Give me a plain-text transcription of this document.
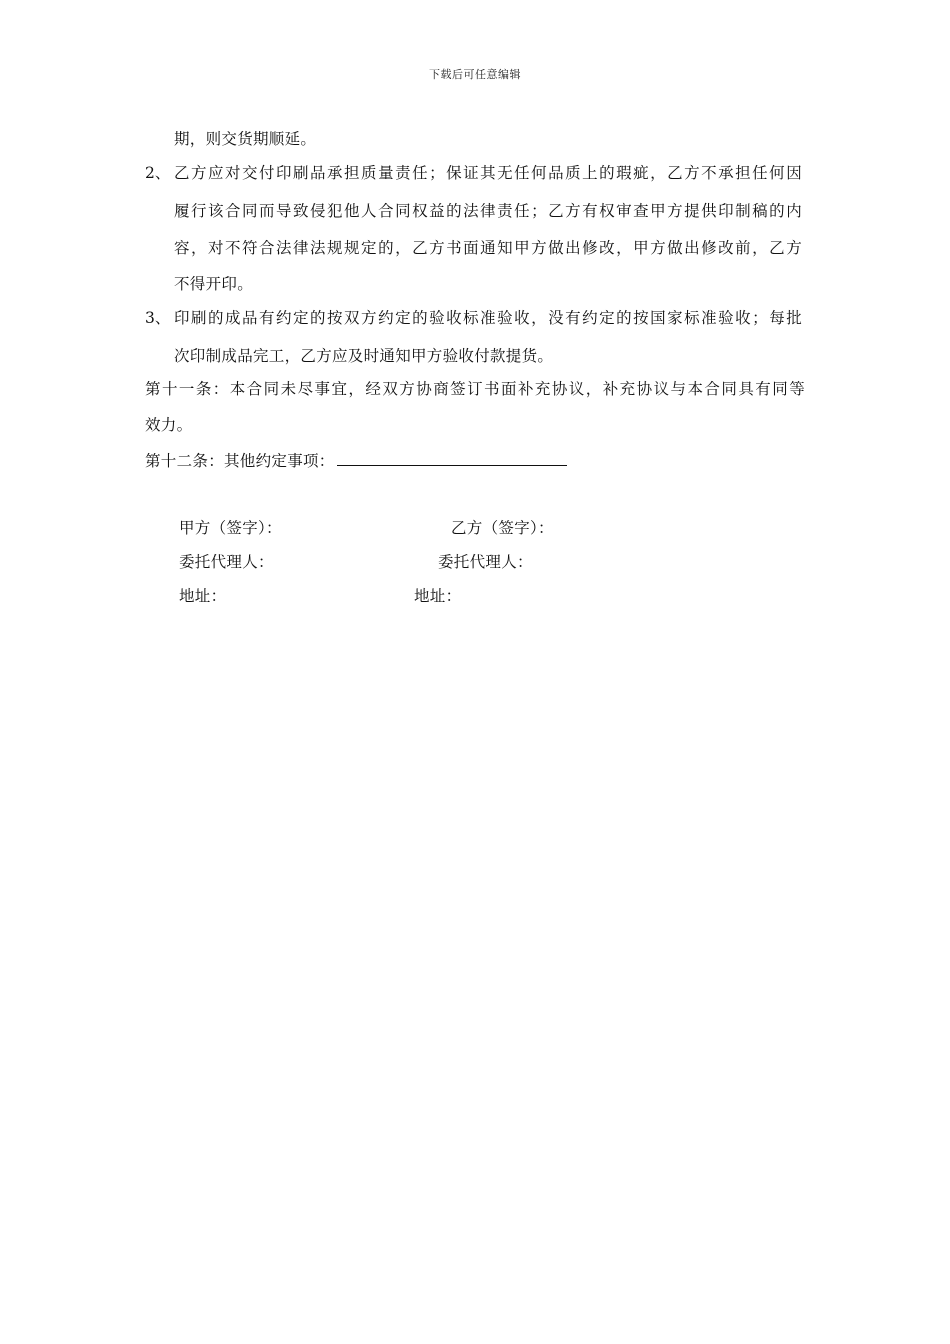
下载后可任意编辑
期，则交货期顺延。
2、 乙方应对交付印刷品承担质量责任；保证其无任何品质上的瑕疵，乙方不承担任何因
履行该合同而导致侵犯他人合同权益的法律责任；乙方有权审查甲方提供印制稿的内
容，对不符合法律法规规定的，乙方书面通知甲方做出修改，甲方做出修改前，乙方
不得开印。
3、 印刷的成品有约定的按双方约定的验收标准验收，没有约定的按国家标准验收；每批
次印制成品完工，乙方应及时通知甲方验收付款提货。
第十一条：本合同未尽事宜，经双方协商签订书面补充协议，补充协议与本合同具有同等
效力。
第十二条：其他约定事项：
甲方（签字）：	乙方（签字）：
委托代理人：	委托代理人：
地址：	地址：
